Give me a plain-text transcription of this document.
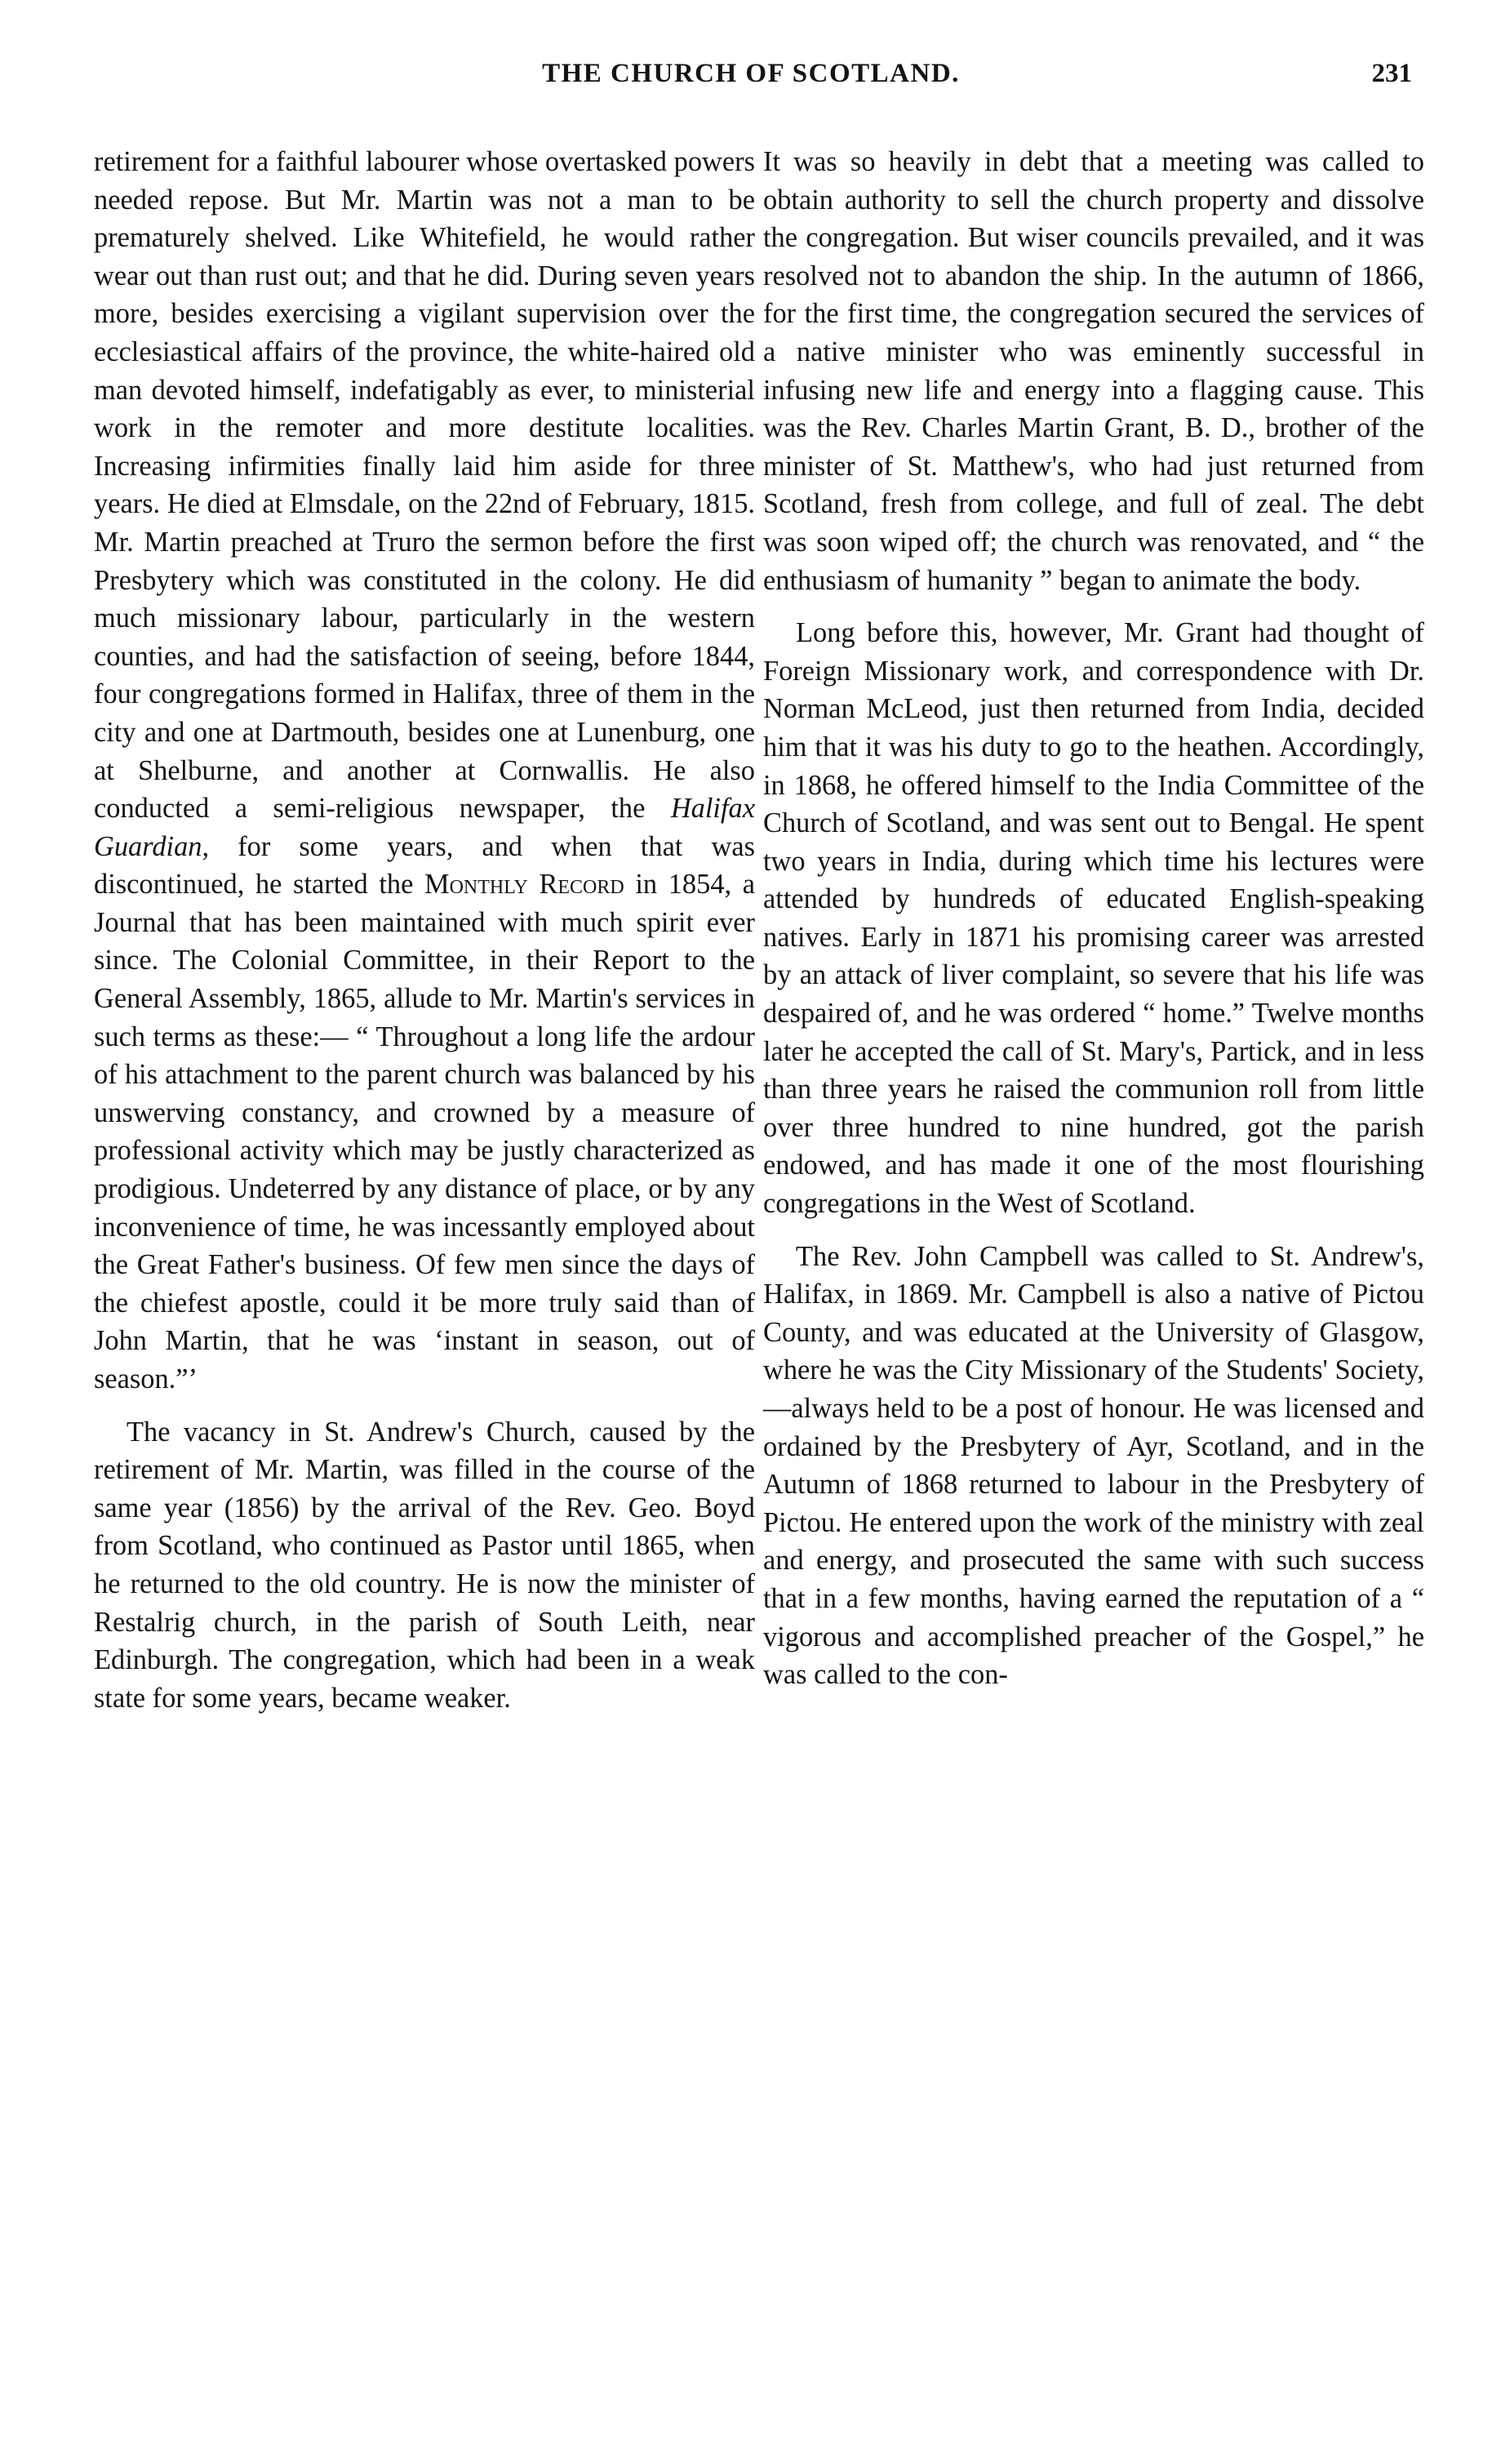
THE CHURCH OF SCOTLAND.	231

retirement for a faithful labourer whose overtasked powers needed repose. But Mr. Martin was not a man to be prematurely shelved. Like Whitefield, he would rather wear out than rust out; and that he did. During seven years more, besides exercising a vigilant supervision over the ecclesiastical affairs of the province, the white-haired old man devoted himself, indefatigably as ever, to ministerial work in the remoter and more destitute localities. Increasing infirmities finally laid him aside for three years. He died at Elmsdale, on the 22nd of February, 1815. Mr. Martin preached at Truro the sermon before the first Presbytery which was constituted in the colony. He did much missionary labour, particularly in the western counties, and had the satisfaction of seeing, before 1844, four congregations formed in Halifax, three of them in the city and one at Dartmouth, besides one at Lunenburg, one at Shelburne, and another at Cornwallis. He also conducted a semi-religious newspaper, the Halifax Guardian, for some years, and when that was discontinued, he started the Monthly Record in 1854, a Journal that has been maintained with much spirit ever since. The Colonial Committee, in their Report to the General Assembly, 1865, allude to Mr. Martin's services in such terms as these:— “ Throughout a long life the ardour of his attachment to the parent church was balanced by his unswerving constancy, and crowned by a measure of professional activity which may be justly characterized as prodigious. Undeterred by any distance of place, or by any inconvenience of time, he was incessantly employed about the Great Father's business. Of few men since the days of the chiefest apostle, could it be more truly said than of John Martin, that he was ‘instant in season, out of season.”’

The vacancy in St. Andrew's Church, caused by the retirement of Mr. Martin, was filled in the course of the same year (1856) by the arrival of the Rev. Geo. Boyd from Scotland, who continued as Pastor until 1865, when he returned to the old country. He is now the minister of Restalrig church, in the parish of South Leith, near Edinburgh. The congregation, which had been in a weak state for some years, became weaker.

It was so heavily in debt that a meeting was called to obtain authority to sell the church property and dissolve the congregation. But wiser councils prevailed, and it was resolved not to abandon the ship. In the autumn of 1866, for the first time, the congregation secured the services of a native minister who was eminently successful in infusing new life and energy into a flagging cause. This was the Rev. Charles Martin Grant, B. D., brother of the minister of St. Matthew's, who had just returned from Scotland, fresh from college, and full of zeal. The debt was soon wiped off; the church was renovated, and “ the enthusiasm of humanity ” began to animate the body.

Long before this, however, Mr. Grant had thought of Foreign Missionary work, and correspondence with Dr. Norman McLeod, just then returned from India, decided him that it was his duty to go to the heathen. Accordingly, in 1868, he offered himself to the India Committee of the Church of Scotland, and was sent out to Bengal. He spent two years in India, during which time his lectures were attended by hundreds of educated English-speaking natives. Early in 1871 his promising career was arrested by an attack of liver complaint, so severe that his life was despaired of, and he was ordered “ home.” Twelve months later he accepted the call of St. Mary's, Partick, and in less than three years he raised the communion roll from little over three hundred to nine hundred, got the parish endowed, and has made it one of the most flourishing congregations in the West of Scotland.

The Rev. John Campbell was called to St. Andrew's, Halifax, in 1869. Mr. Campbell is also a native of Pictou County, and was educated at the University of Glasgow, where he was the City Missionary of the Students' Society, —always held to be a post of honour. He was licensed and ordained by the Presbytery of Ayr, Scotland, and in the Autumn of 1868 returned to labour in the Presbytery of Pictou. He entered upon the work of the ministry with zeal and energy, and prosecuted the same with such success that in a few months, having earned the reputation of a “ vigorous and accomplished preacher of the Gospel,” he was called to the con-
